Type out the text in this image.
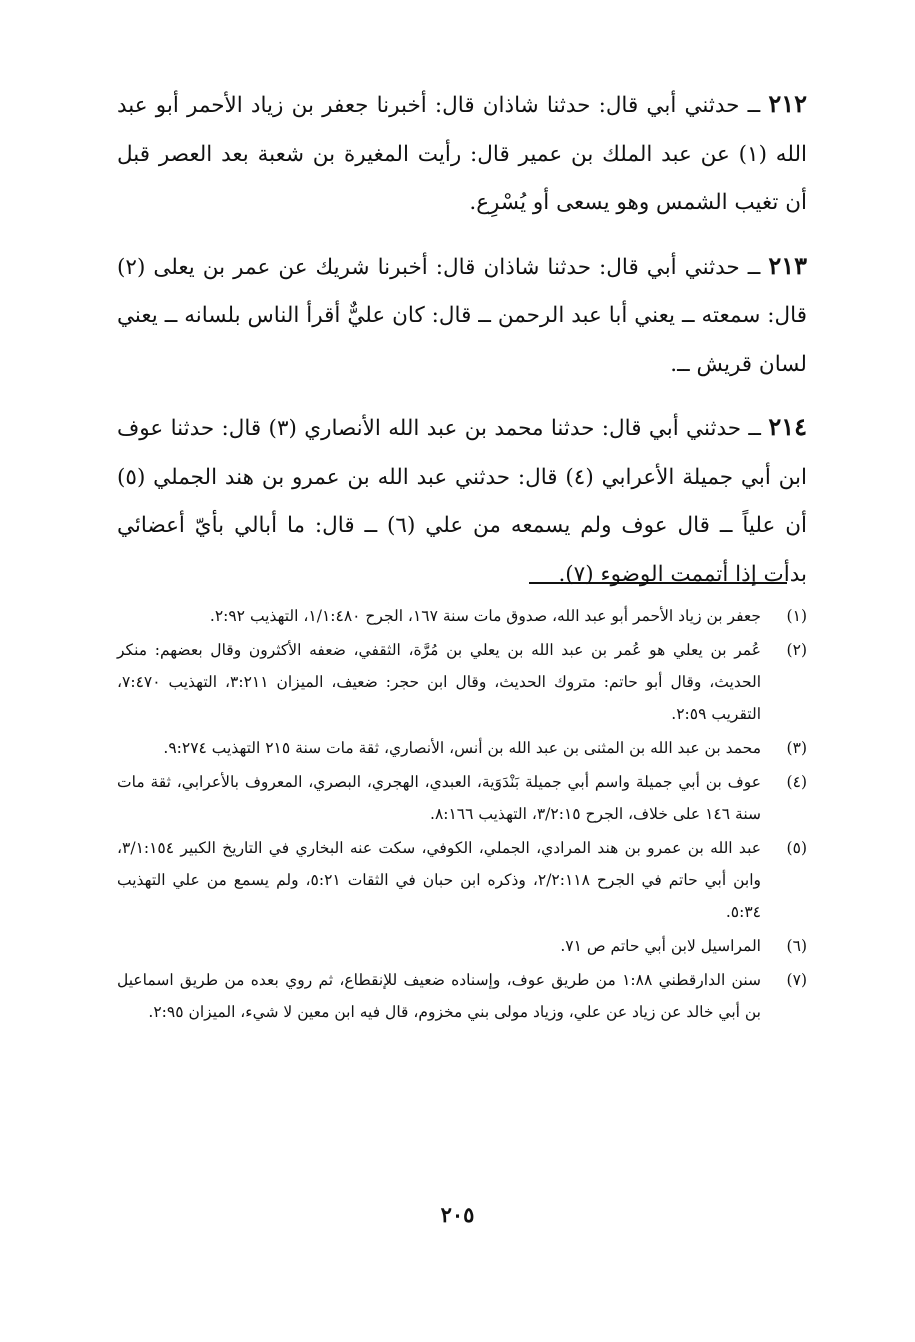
٢١٢ ــ حدثني أبي قال: حدثنا شاذان قال: أخبرنا جعفر بن زياد الأحمر أبو عبد الله (١) عن عبد الملك بن عمير قال: رأيت المغيرة بن شعبة بعد العصر قبل أن تغيب الشمس وهو يسعى أو يُسْرِع.

٢١٣ ــ حدثني أبي قال: حدثنا شاذان قال: أخبرنا شريك عن عمر بن يعلى (٢) قال: سمعته ــ يعني أبا عبد الرحمن ــ قال: كان عليٌّ أقرأ الناس بلسانه ــ يعني لسان قريش ــ.

٢١٤ ــ حدثني أبي قال: حدثنا محمد بن عبد الله الأنصاري (٣) قال: حدثنا عوف ابن أبي جميلة الأعرابي (٤) قال: حدثني عبد الله بن عمرو بن هند الجملي (٥) أن علياً ــ قال عوف ولم يسمعه من علي (٦) ــ قال: ما أبالي بأيّ أعضائي بدأت إذا أتممت الوضوء (٧).

(١)
جعفر بن زياد الأحمر أبو عبد الله، صدوق مات سنة ١٦٧، الجرح ١/١:٤٨٠، التهذيب ٢:٩٢.
(٢)
عُمر بن يعلي هو عُمر بن عبد الله بن يعلي بن مُرَّة، الثقفي، ضعفه الأكثرون وقال بعضهم: منكر الحديث، وقال أبو حاتم: متروك الحديث، وقال ابن حجر: ضعيف، الميزان ٣:٢١١، التهذيب ٧:٤٧٠، التقريب ٢:٥٩.
(٣)
محمد بن عبد الله بن المثنى بن عبد الله بن أنس، الأنصاري، ثقة مات سنة ٢١٥ التهذيب ٩:٢٧٤.
(٤)
عوف بن أبي جميلة واسم أبي جميلة بَنْدَوَية، العبدي، الهجري، البصري، المعروف بالأعرابي، ثقة مات سنة ١٤٦ على خلاف، الجرح ٣/٢:١٥، التهذيب ٨:١٦٦.
(٥)
عبد الله بن عمرو بن هند المرادي، الجملي، الكوفي، سكت عنه البخاري في التاريخ الكبير ٣/١:١٥٤، وابن أبي حاتم في الجرح ٢/٢:١١٨، وذكره ابن حبان في الثقات ٥:٢١، ولم يسمع من علي التهذيب ٥:٣٤.
(٦)
المراسيل لابن أبي حاتم ص ٧١.
(٧)
سنن الدارقطني ١:٨٨ من طريق عوف، وإسناده ضعيف للإنقطاع، ثم روي بعده من طريق اسماعيل بن أبي خالد عن زياد عن علي، وزياد مولى بني مخزوم، قال فيه ابن معين لا شيء، الميزان ٢:٩٥.
٢٠٥
